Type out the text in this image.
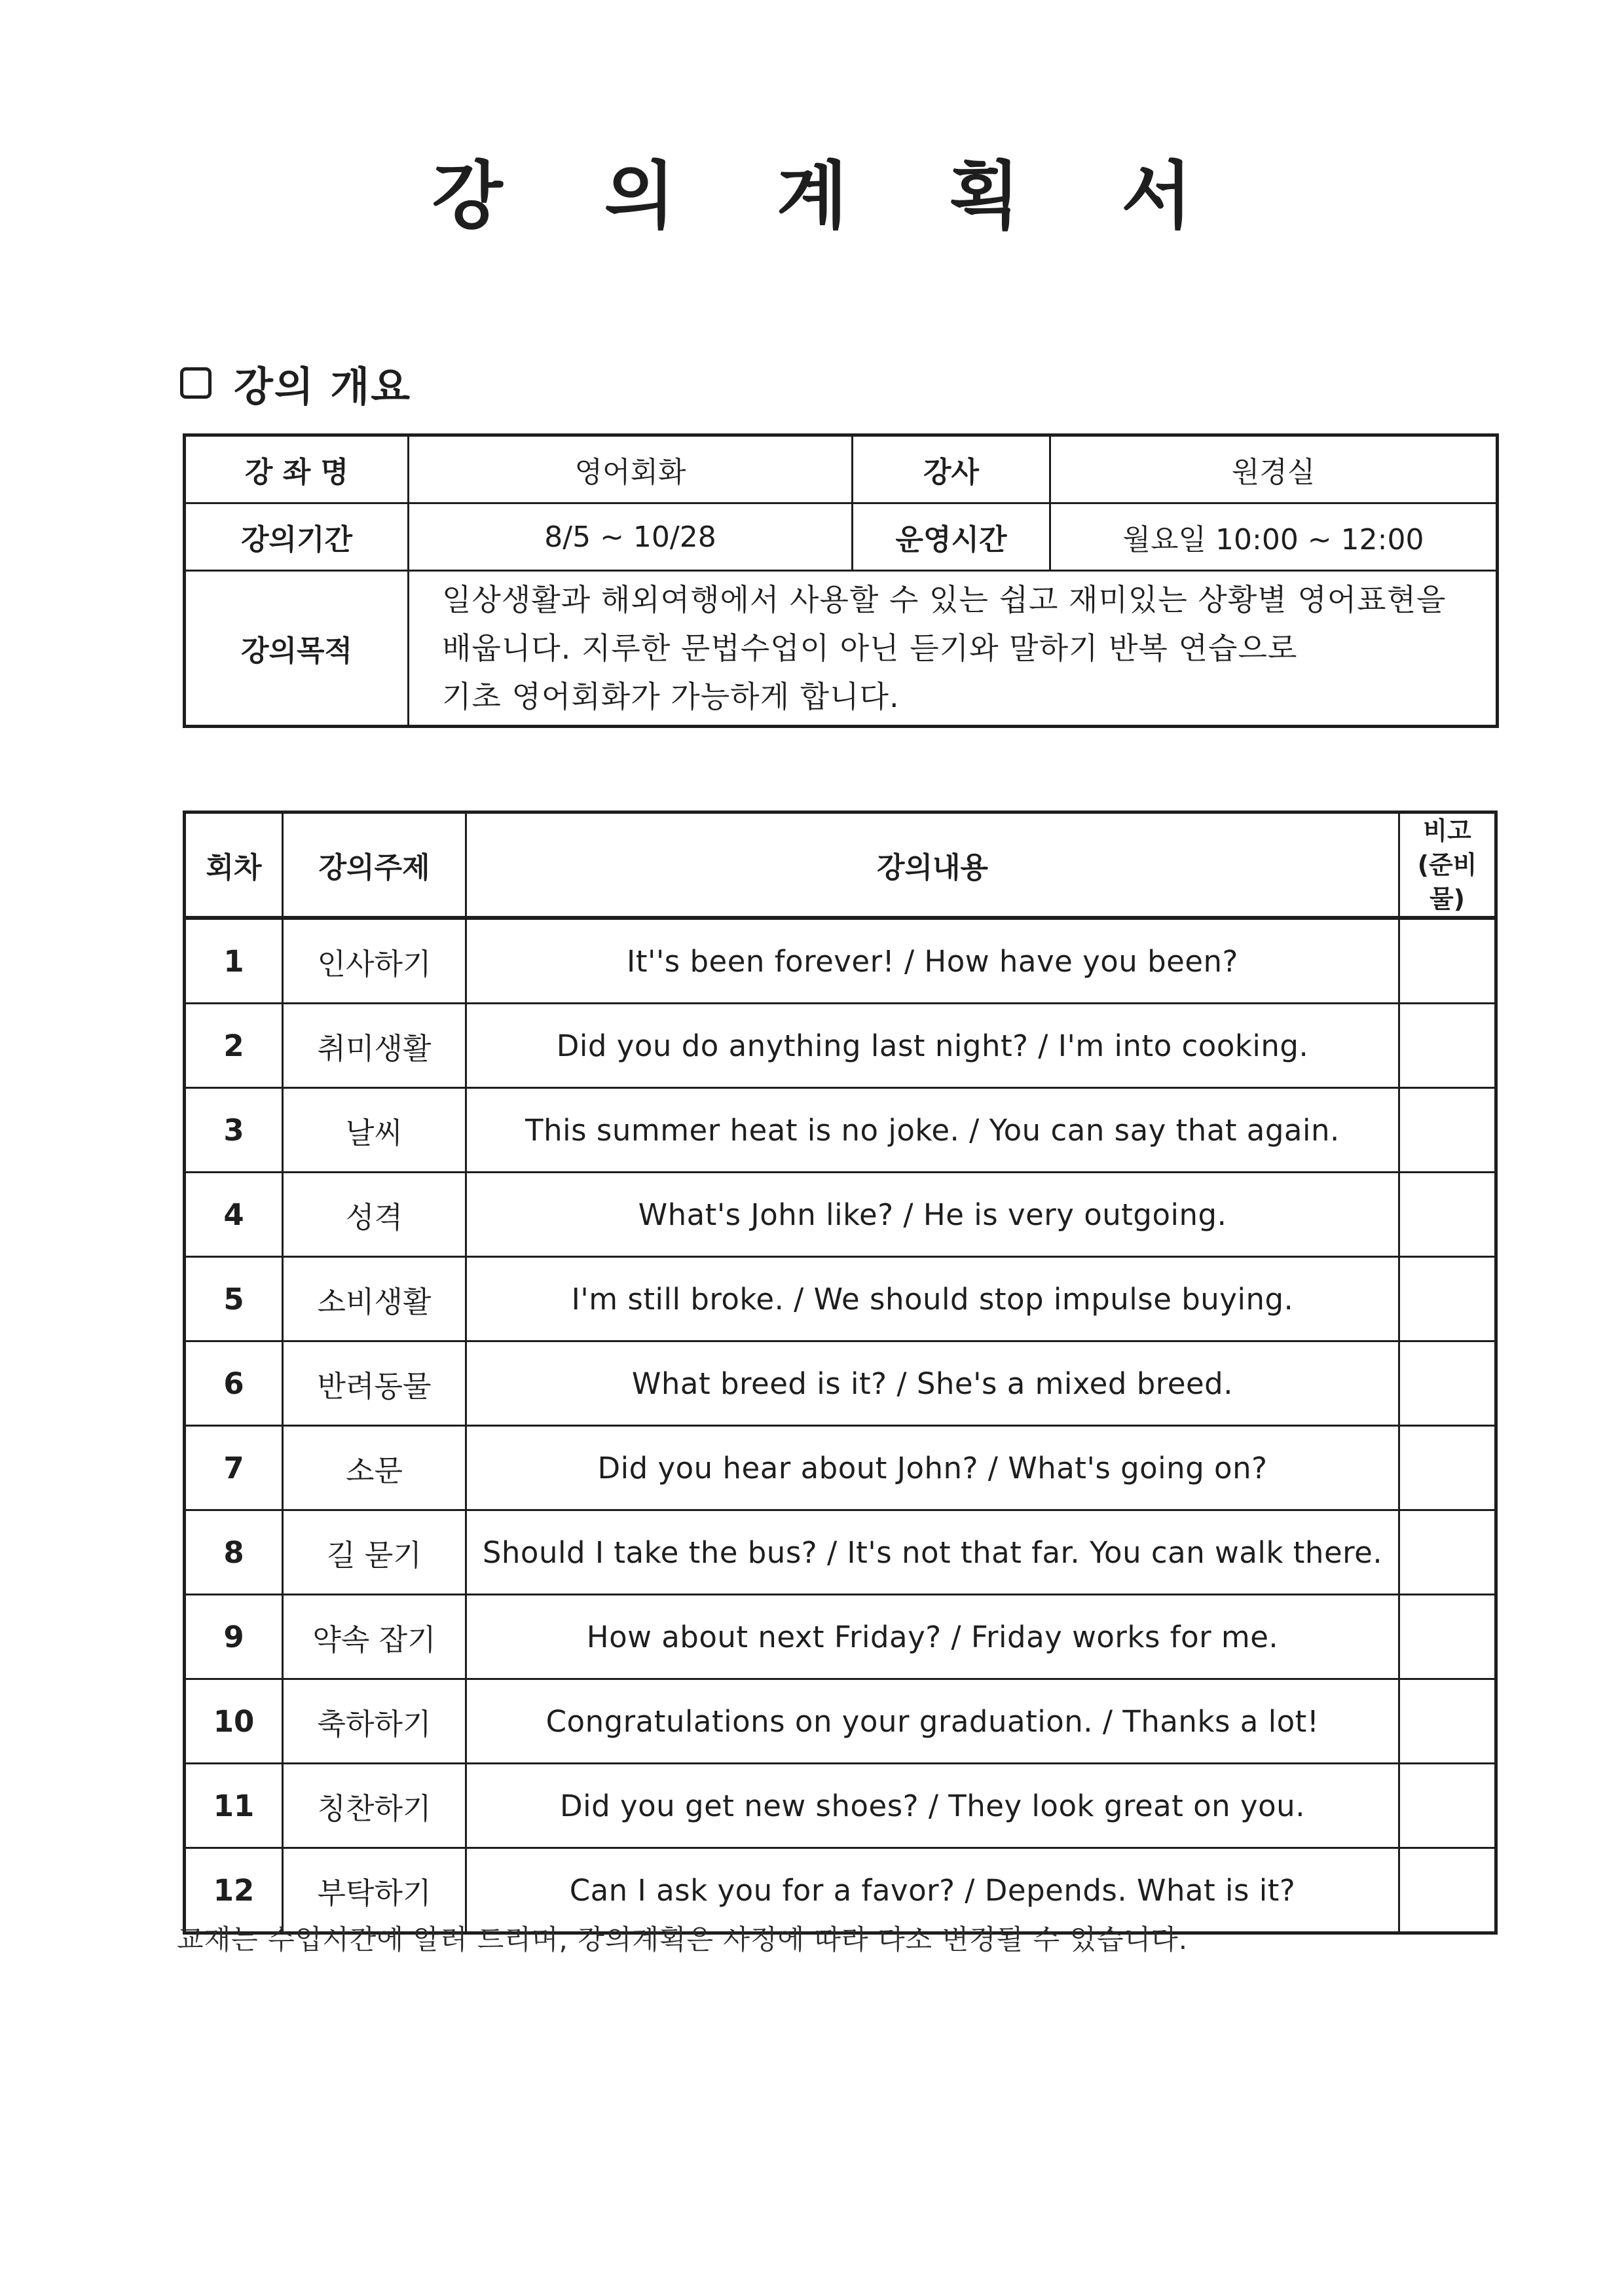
강 의 계 획 서
강의 개요
강 좌 명	영어회화	강사	원경실
강의기간	8/5 ~ 10/28	운영시간	월요일 10:00 ~ 12:00
강의목적	일상생활과 해외여행에서 사용할 수 있는 쉽고 재미있는 상황별 영어표현을
배웁니다. 지루한 문법수업이 아닌 듣기와 말하기 반복 연습으로
기초 영어회화가 가능하게 합니다.		
회차	강의주제	강의내용	비고
(준비물)

1	인사하기	It''s been forever! / How have you been?	
2	취미생활	Did you do anything last night? / I'm into cooking.	
3	날씨	This summer heat is no joke. / You can say that again.	
4	성격	What's John like? / He is very outgoing.	
5	소비생활	I'm still broke. / We should stop impulse buying.	
6	반려동물	What breed is it? / She's a mixed breed.	
7	소문	Did you hear about John? / What's going on?	
8	길 묻기	Should I take the bus? / It's not that far. You can walk there.	
9	약속 잡기	How about next Friday? / Friday works for me.	
10	축하하기	Congratulations on your graduation. / Thanks a lot!	
11	칭찬하기	Did you get new shoes? / They look great on you.	
12	부탁하기	Can I ask you for a favor? / Depends. What is it?	
교재는 수업시간에 알려 드리며, 강의계획은 사정에 따라 다소 변경될 수 있습니다.
